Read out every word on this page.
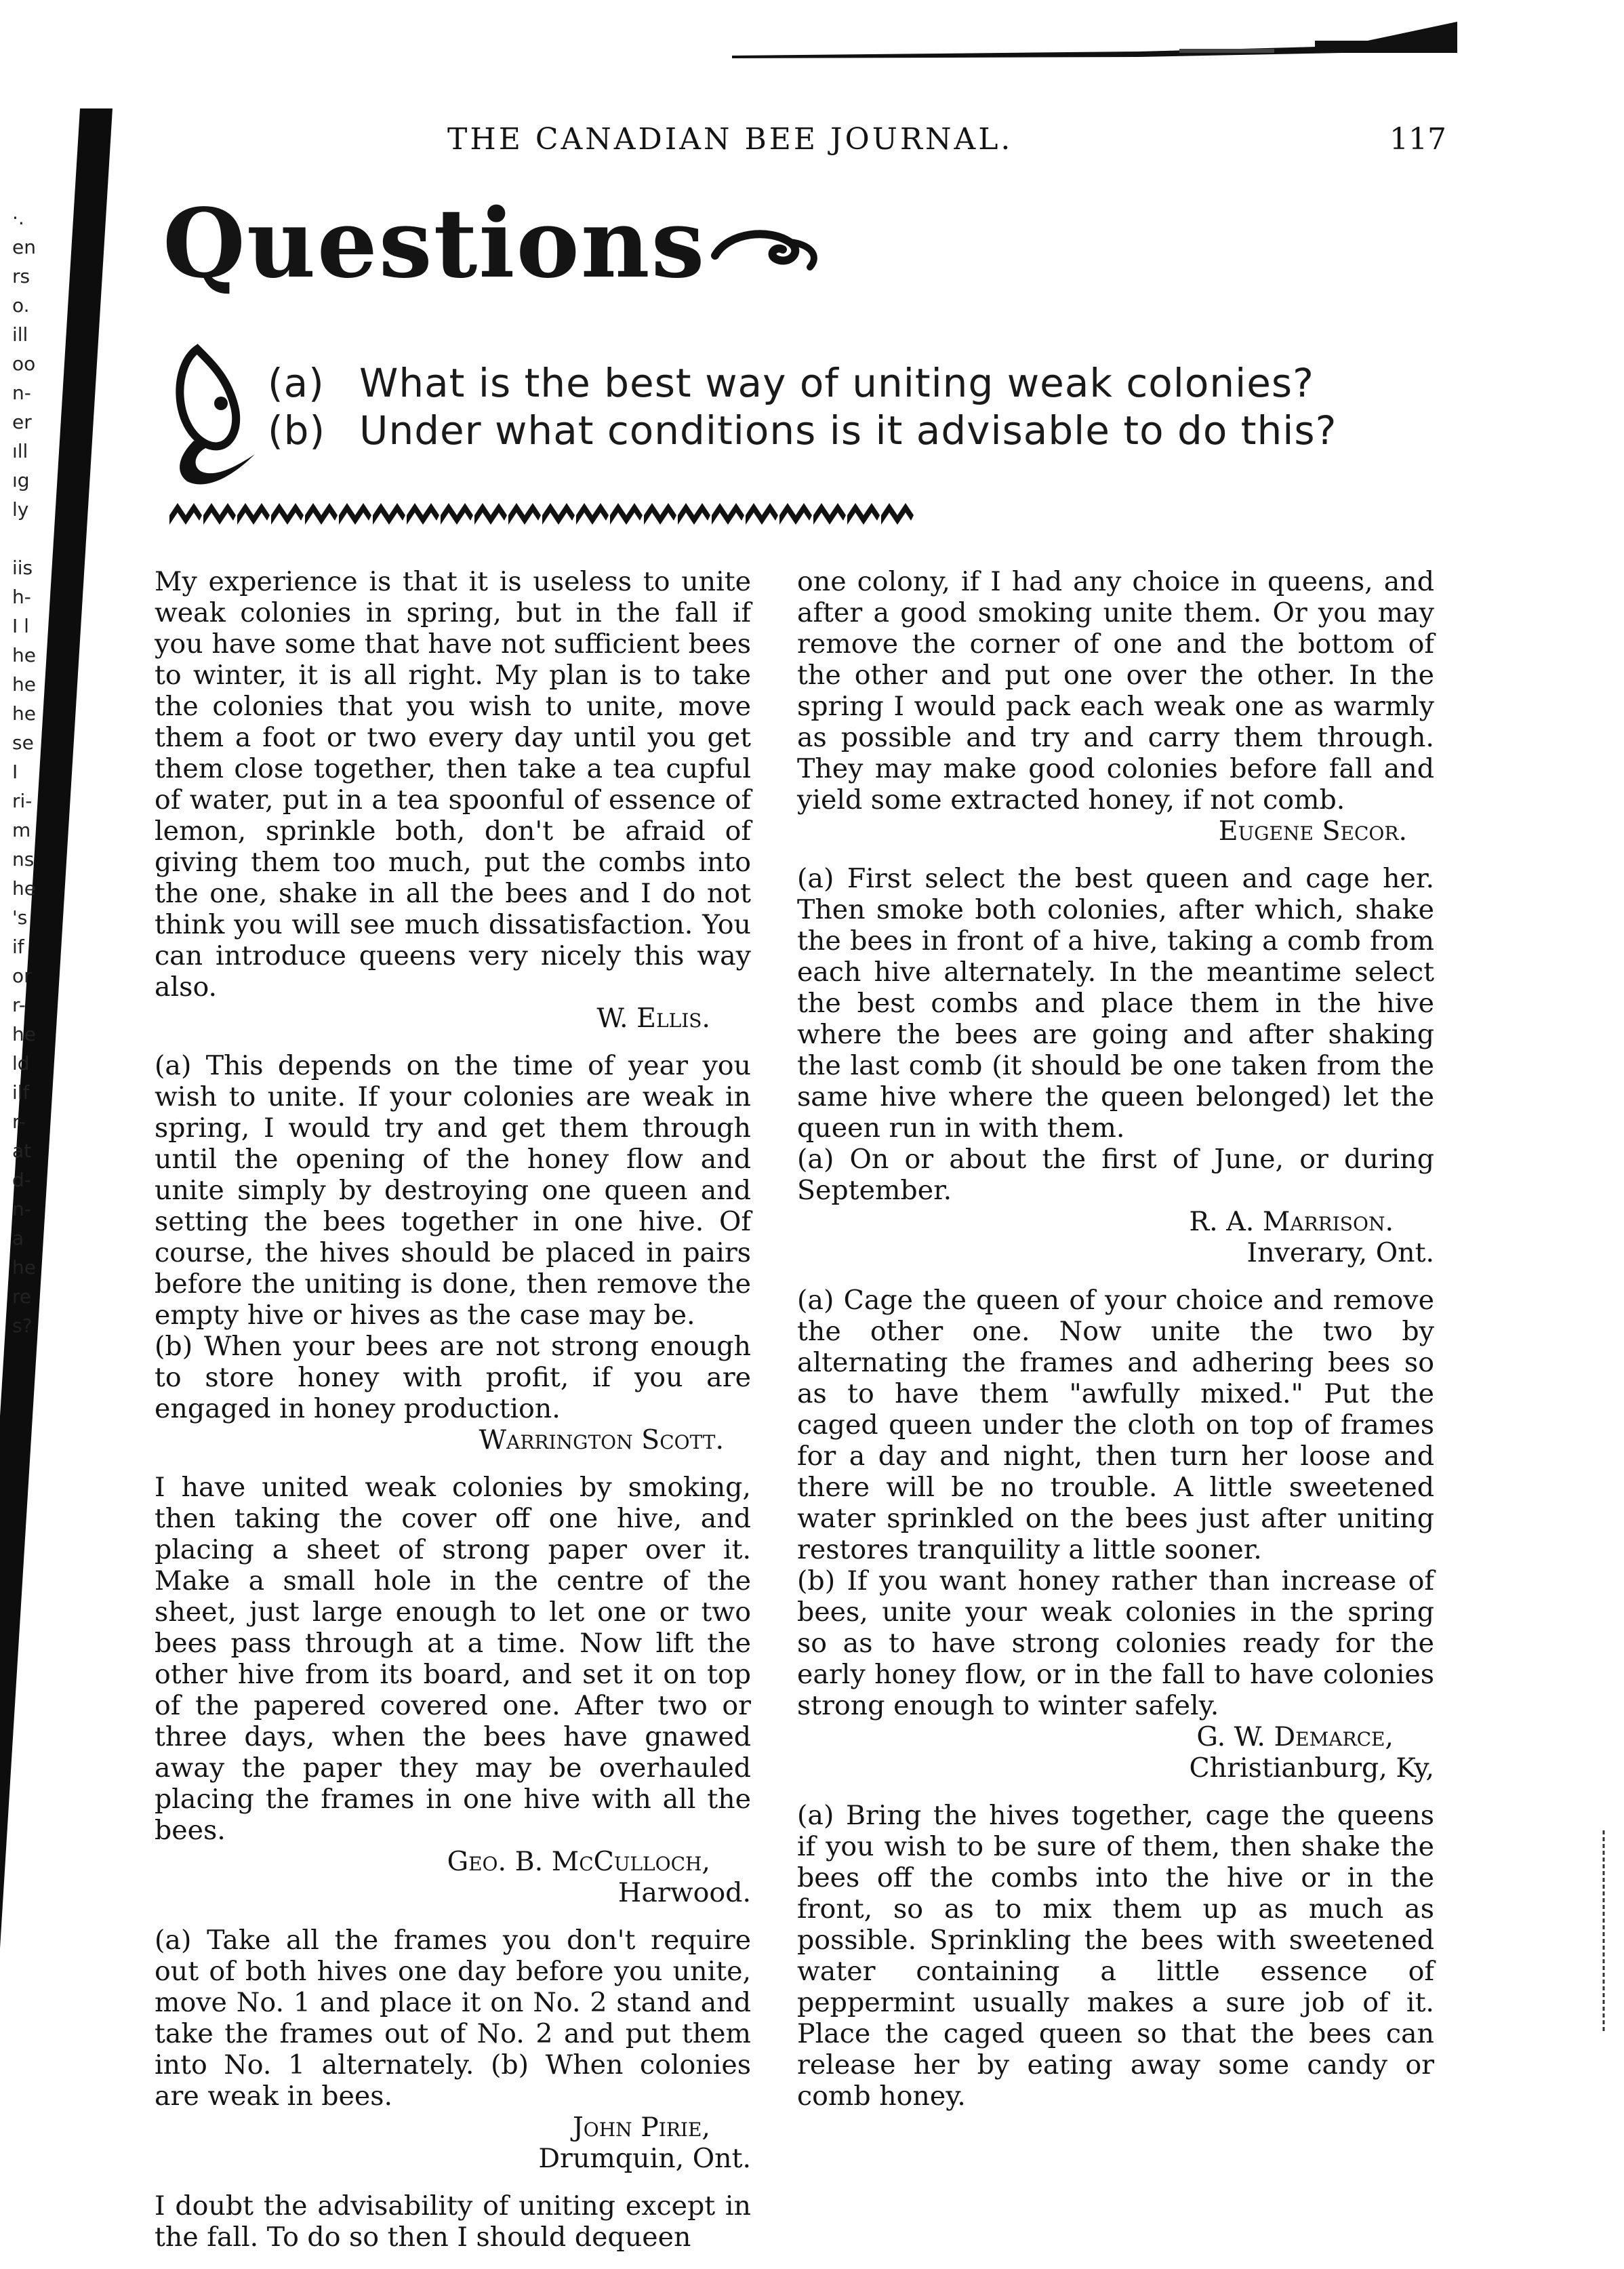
THE CANADIAN BEE JOURNAL.	117
·.
en
rs
o.
ill
oo
n-
er
ıll
ıg
ly

iis
h-
I l
he
he
he
se
I
ri-
m
ns
he
's
if
or
r-
he
ld
ilf
r-
at
d-
n-
a
he
re
s?
Questions
(a) What is the best way of uniting weak colonies?
(b) Under what conditions is it advisable to do this?

My experience is that it is useless to unite weak colonies in spring, but in the fall if you have some that have not sufficient bees to winter, it is all right. My plan is to take the colonies that you wish to unite, move them a foot or two every day until you get them close together, then take a tea cupful of water, put in a tea spoonful of essence of lemon, sprinkle both, don't be afraid of giving them too much, put the combs into the one, shake in all the bees and I do not think you will see much dissatisfaction. You can introduce queens very nicely this way also.

W. Ellis.

(a) This depends on the time of year you wish to unite. If your colonies are weak in spring, I would try and get them through until the opening of the honey flow and unite simply by destroying one queen and setting the bees together in one hive. Of course, the hives should be placed in pairs before the uniting is done, then remove the empty hive or hives as the case may be.

(b) When your bees are not strong enough to store honey with profit, if you are engaged in honey production.

Warrington Scott.

I have united weak colonies by smoking, then taking the cover off one hive, and placing a sheet of strong paper over it. Make a small hole in the centre of the sheet, just large enough to let one or two bees pass through at a time. Now lift the other hive from its board, and set it on top of the papered covered one. After two or three days, when the bees have gnawed away the paper they may be overhauled placing the frames in one hive with all the bees.

Geo. B. McCulloch,
Harwood.

(a) Take all the frames you don't require out of both hives one day before you unite, move No. 1 and place it on No. 2 stand and take the frames out of No. 2 and put them into No. 1 alternately. (b) When colonies are weak in bees.

John Pirie,
Drumquin, Ont.

I doubt the advisability of uniting except in the fall. To do so then I should dequeen

one colony, if I had any choice in queens, and after a good smoking unite them. Or you may remove the corner of one and the bottom of the other and put one over the other. In the spring I would pack each weak one as warmly as possible and try and carry them through. They may make good colonies before fall and yield some extracted honey, if not comb.

Eugene Secor.

(a) First select the best queen and cage her. Then smoke both colonies, after which, shake the bees in front of a hive, taking a comb from each hive alternately. In the meantime select the best combs and place them in the hive where the bees are going and after shaking the last comb (it should be one taken from the same hive where the queen belonged) let the queen run in with them.

(a) On or about the first of June, or during September.

R. A. Marrison.
Inverary, Ont.

(a) Cage the queen of your choice and remove the other one. Now unite the two by alternating the frames and adhering bees so as to have them "awfully mixed." Put the caged queen under the cloth on top of frames for a day and night, then turn her loose and there will be no trouble. A little sweetened water sprinkled on the bees just after uniting restores tranquility a little sooner.

(b) If you want honey rather than increase of bees, unite your weak colonies in the spring so as to have strong colonies ready for the early honey flow, or in the fall to have colonies strong enough to winter safely.

G. W. Demarce,
Christianburg, Ky,

(a) Bring the hives together, cage the queens if you wish to be sure of them, then shake the bees off the combs into the hive or in the front, so as to mix them up as much as possible. Sprinkling the bees with sweetened water containing a little essence of peppermint usually makes a sure job of it. Place the caged queen so that the bees can release her by eating away some candy or comb honey.
